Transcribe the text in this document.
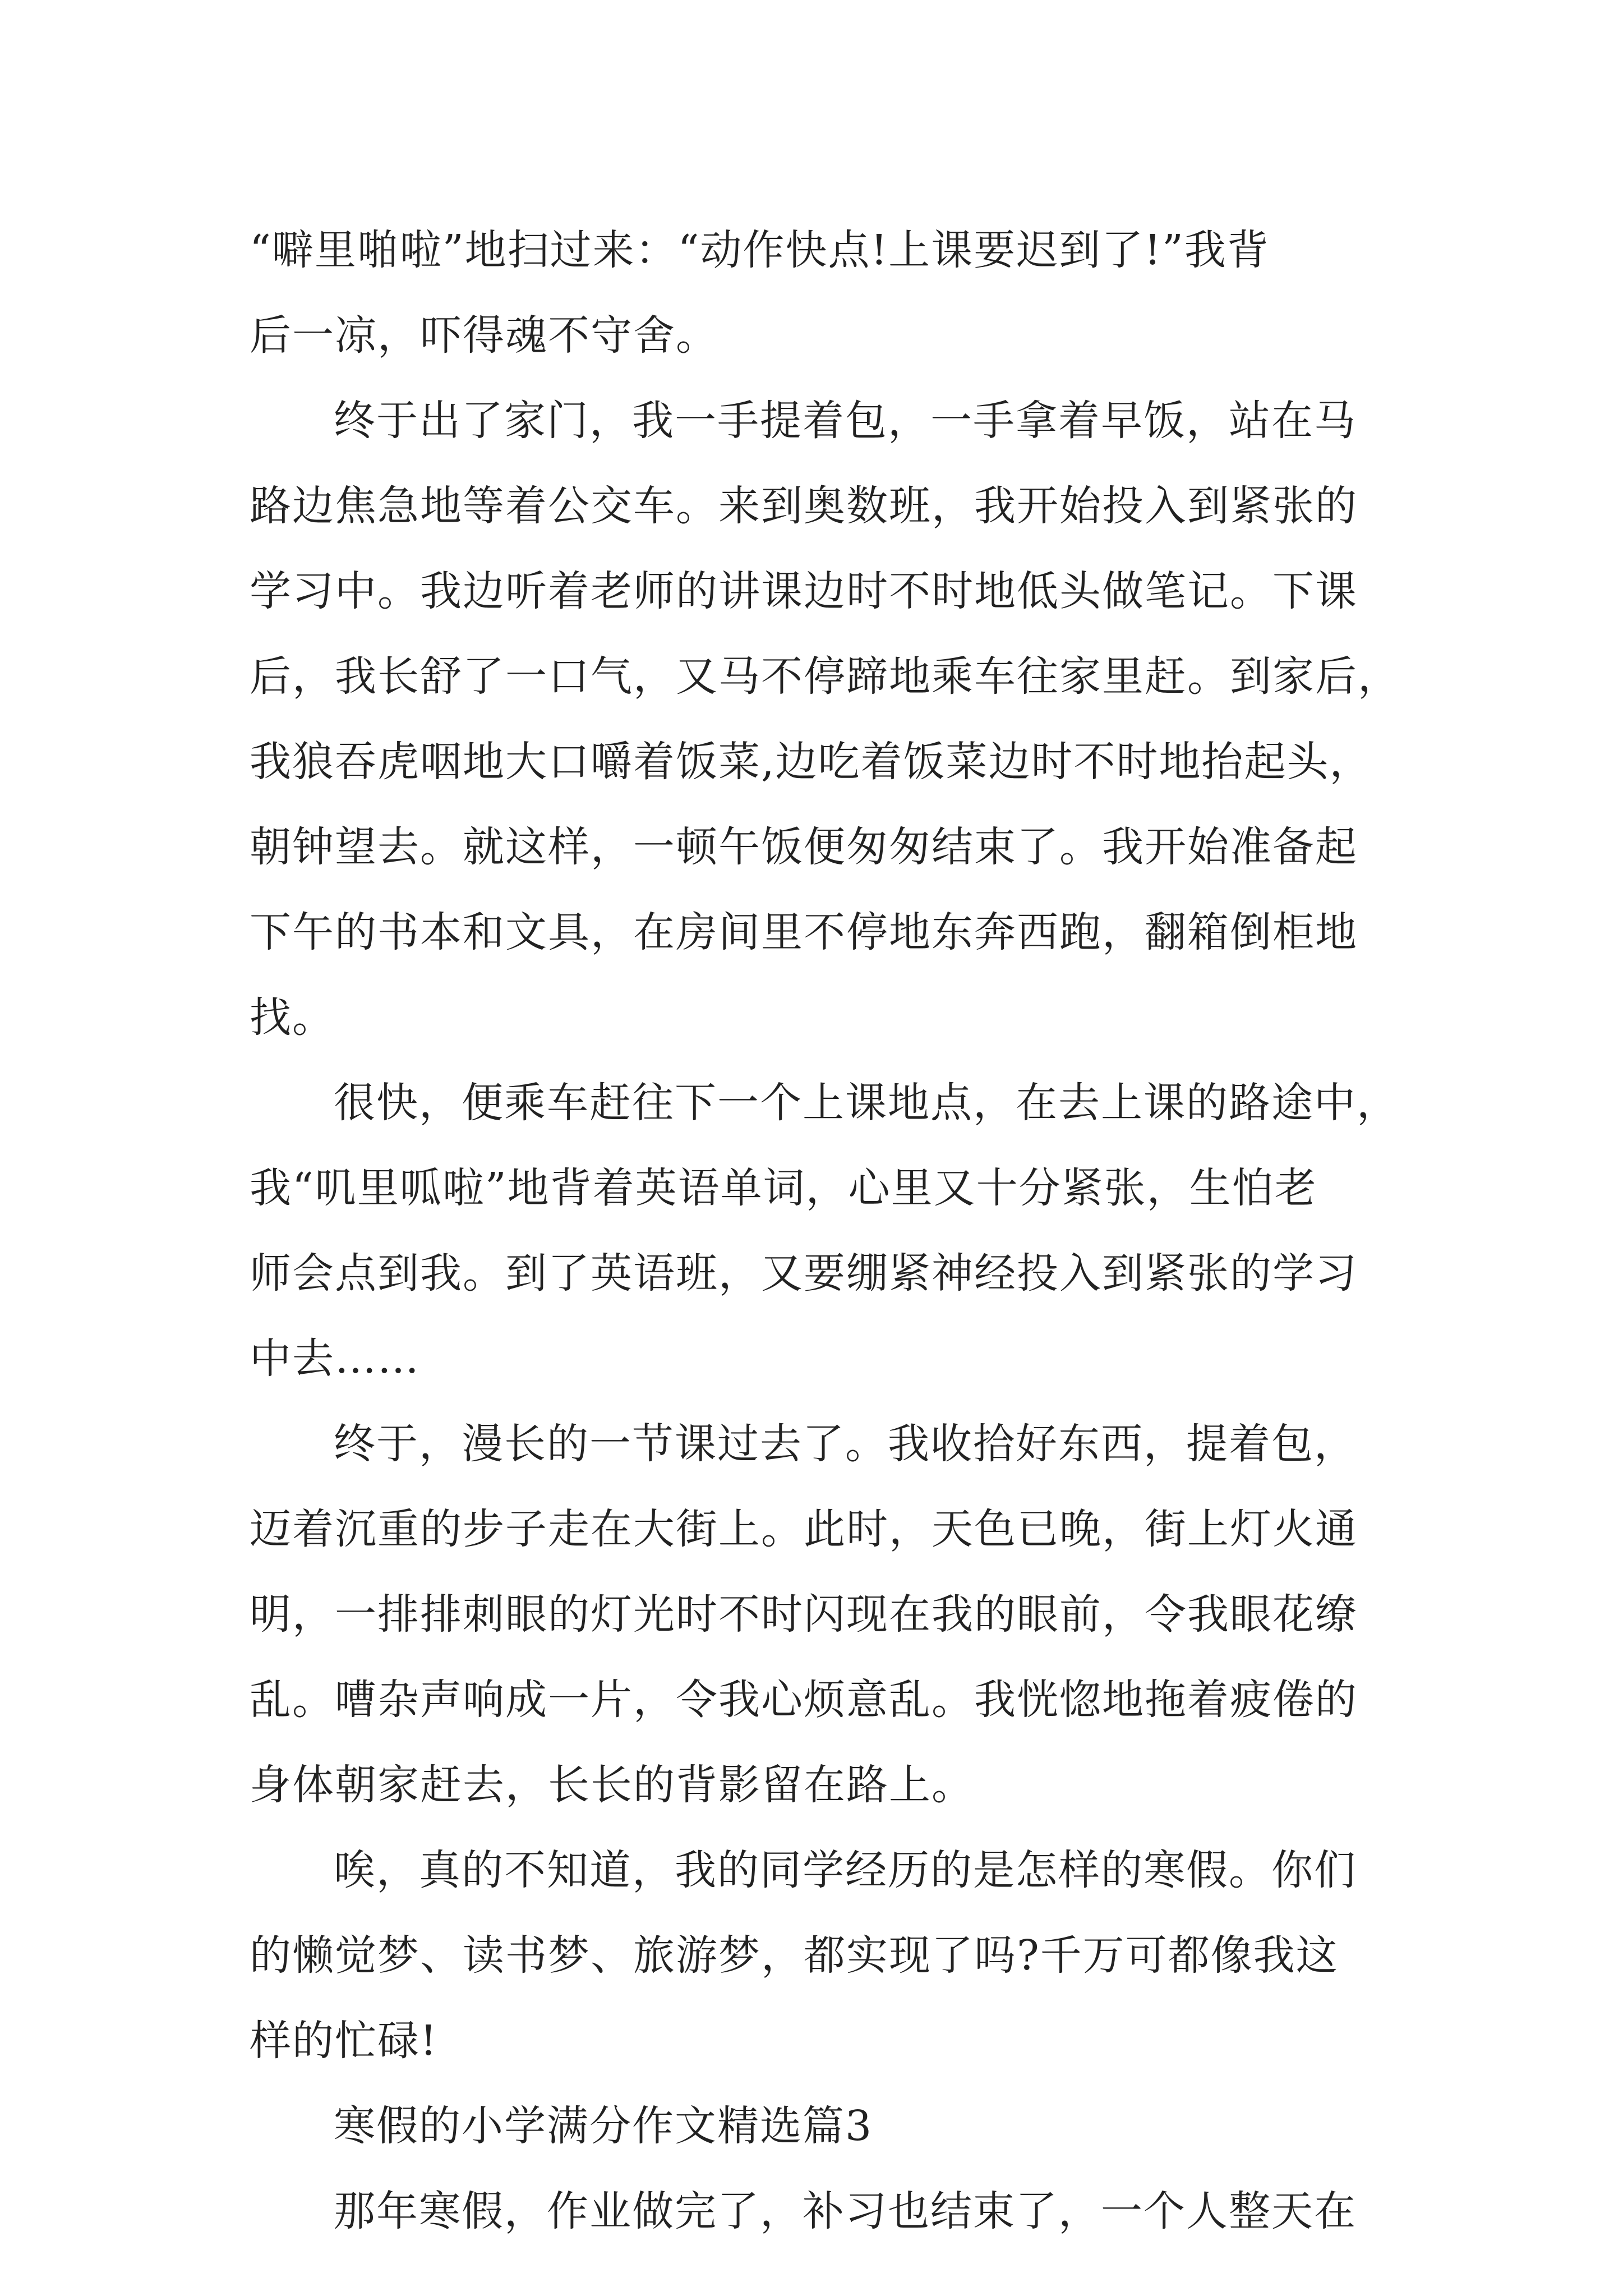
“噼里啪啦”地扫过来：“动作快点!上课要迟到了!”我背
后一凉，吓得魂不守舍。
终于出了家门，我一手提着包，一手拿着早饭，站在马
路边焦急地等着公交车。来到奥数班，我开始投入到紧张的
学习中。我边听着老师的讲课边时不时地低头做笔记。下课
后，我长舒了一口气，又马不停蹄地乘车往家里赶。到家后，
我狼吞虎咽地大口嚼着饭菜,边吃着饭菜边时不时地抬起头，
朝钟望去。就这样，一顿午饭便匆匆结束了。我开始准备起
下午的书本和文具，在房间里不停地东奔西跑，翻箱倒柜地
找。
很快，便乘车赶往下一个上课地点，在去上课的路途中，
我“叽里呱啦”地背着英语单词，心里又十分紧张，生怕老
师会点到我。到了英语班，又要绷紧神经投入到紧张的学习
中去……
终于，漫长的一节课过去了。我收拾好东西，提着包，
迈着沉重的步子走在大街上。此时，天色已晚，街上灯火通
明，一排排刺眼的灯光时不时闪现在我的眼前，令我眼花缭
乱。嘈杂声响成一片，令我心烦意乱。我恍惚地拖着疲倦的
身体朝家赶去，长长的背影留在路上。
唉，真的不知道，我的同学经历的是怎样的寒假。你们
的懒觉梦、读书梦、旅游梦，都实现了吗?千万可都像我这
样的忙碌!
寒假的小学满分作文精选篇3
那年寒假，作业做完了，补习也结束了，一个人整天在
